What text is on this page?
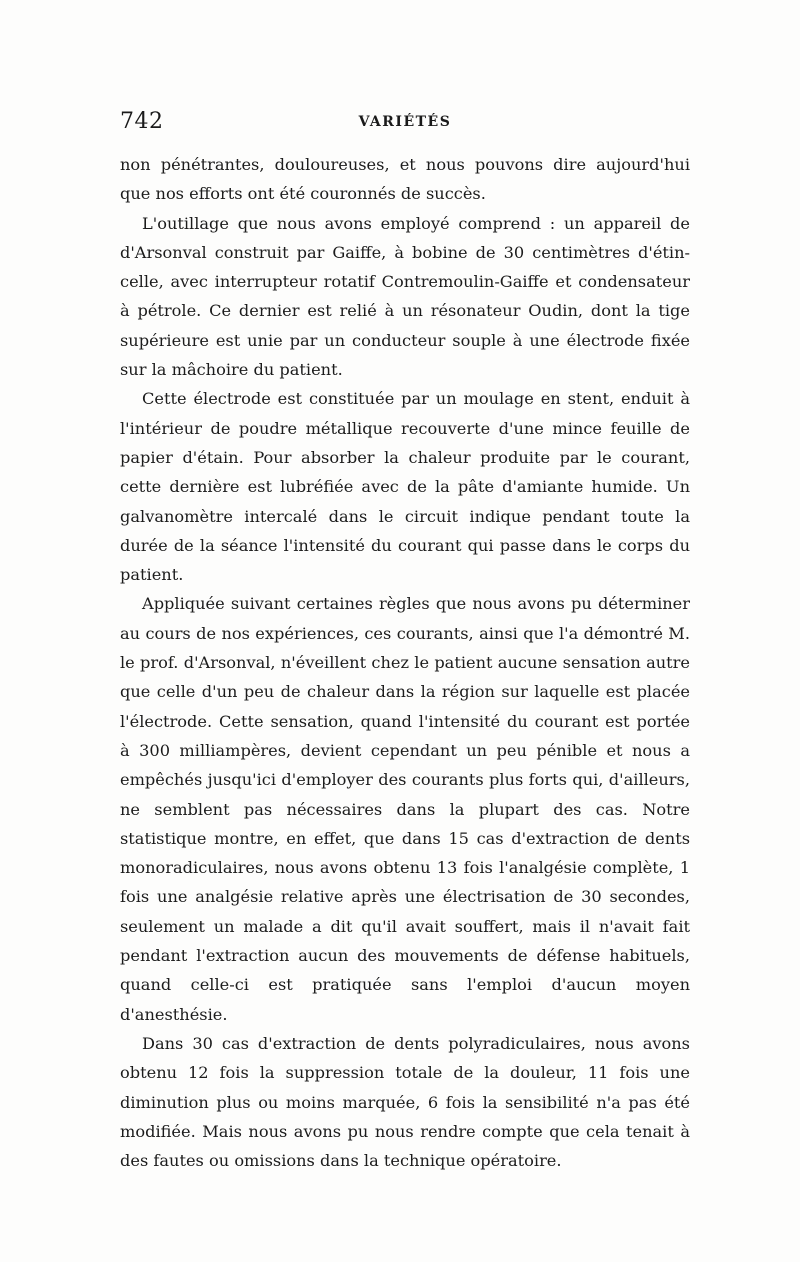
742	VARIÉTÉS

non pénétrantes, douloureuses, et nous pouvons dire aujourd'hui que nos efforts ont été couronnés de succès.

L'outillage que nous avons employé comprend : un appareil de d'Arsonval construit par Gaiffe, à bobine de 30 centimètres d'étincelle, avec interrupteur rotatif Contremoulin-Gaiffe et condensateur à pétrole. Ce dernier est relié à un résonateur Oudin, dont la tige supérieure est unie par un conducteur souple à une électrode fixée sur la mâchoire du patient.

Cette électrode est constituée par un moulage en stent, enduit à l'intérieur de poudre métallique recouverte d'une mince feuille de papier d'étain. Pour absorber la chaleur produite par le courant, cette dernière est lubréfiée avec de la pâte d'amiante humide. Un galvanomètre intercalé dans le circuit indique pendant toute la durée de la séance l'intensité du courant qui passe dans le corps du patient.

Appliquée suivant certaines règles que nous avons pu déterminer au cours de nos expériences, ces courants, ainsi que l'a démontré M. le prof. d'Arsonval, n'éveillent chez le patient aucune sensation autre que celle d'un peu de chaleur dans la région sur laquelle est placée l'électrode. Cette sensation, quand l'intensité du courant est portée à 300 milliampères, devient cependant un peu pénible et nous a empêchés jusqu'ici d'employer des courants plus forts qui, d'ailleurs, ne semblent pas nécessaires dans la plupart des cas. Notre statistique montre, en effet, que dans 15 cas d'extraction de dents monoradiculaires, nous avons obtenu 13 fois l'analgésie complète, 1 fois une analgésie relative après une électrisation de 30 secondes, seulement un malade a dit qu'il avait souffert, mais il n'avait fait pendant l'extraction aucun des mouvements de défense habituels, quand celle-ci est pratiquée sans l'emploi d'aucun moyen d'anesthésie.

Dans 30 cas d'extraction de dents polyradiculaires, nous avons obtenu 12 fois la suppression totale de la douleur, 11 fois une diminution plus ou moins marquée, 6 fois la sensibilité n'a pas été modifiée. Mais nous avons pu nous rendre compte que cela tenait à des fautes ou omissions dans la technique opératoire.
